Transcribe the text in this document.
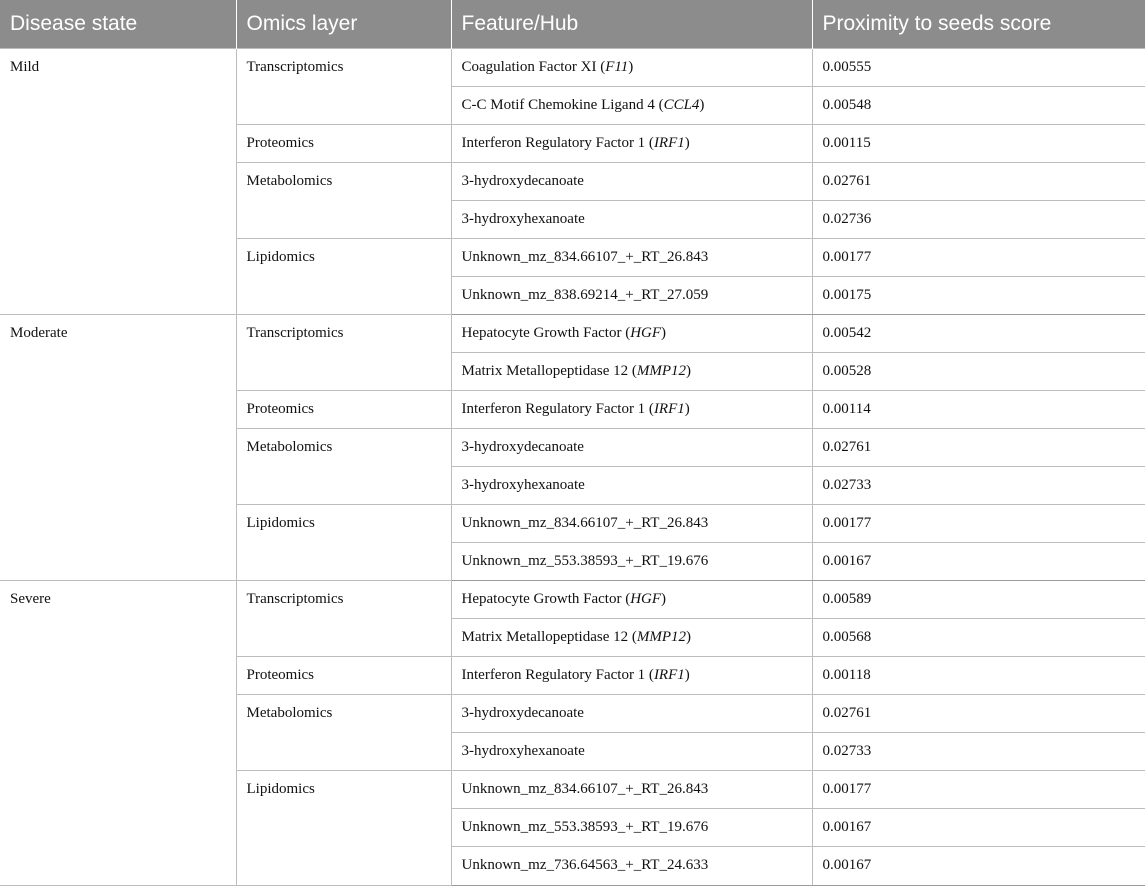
Disease state	Omics layer	Feature/Hub	Proximity to seeds score
Mild	Transcriptomics	Coagulation Factor XI (F11)	0.00555
		C-C Motif Chemokine Ligand 4 (CCL4)	0.00548
	Proteomics	Interferon Regulatory Factor 1 (IRF1)	0.00115
	Metabolomics	3-hydroxydecanoate	0.02761
		3-hydroxyhexanoate	0.02736
	Lipidomics	Unknown_mz_834.66107_+_RT_26.843	0.00177
		Unknown_mz_838.69214_+_RT_27.059	0.00175
Moderate	Transcriptomics	Hepatocyte Growth Factor (HGF)	0.00542
		Matrix Metallopeptidase 12 (MMP12)	0.00528
	Proteomics	Interferon Regulatory Factor 1 (IRF1)	0.00114
	Metabolomics	3-hydroxydecanoate	0.02761
		3-hydroxyhexanoate	0.02733
	Lipidomics	Unknown_mz_834.66107_+_RT_26.843	0.00177
		Unknown_mz_553.38593_+_RT_19.676	0.00167
Severe	Transcriptomics	Hepatocyte Growth Factor (HGF)	0.00589
		Matrix Metallopeptidase 12 (MMP12)	0.00568
	Proteomics	Interferon Regulatory Factor 1 (IRF1)	0.00118
	Metabolomics	3-hydroxydecanoate	0.02761
		3-hydroxyhexanoate	0.02733
	Lipidomics	Unknown_mz_834.66107_+_RT_26.843	0.00177
		Unknown_mz_553.38593_+_RT_19.676	0.00167
		Unknown_mz_736.64563_+_RT_24.633	0.00167
